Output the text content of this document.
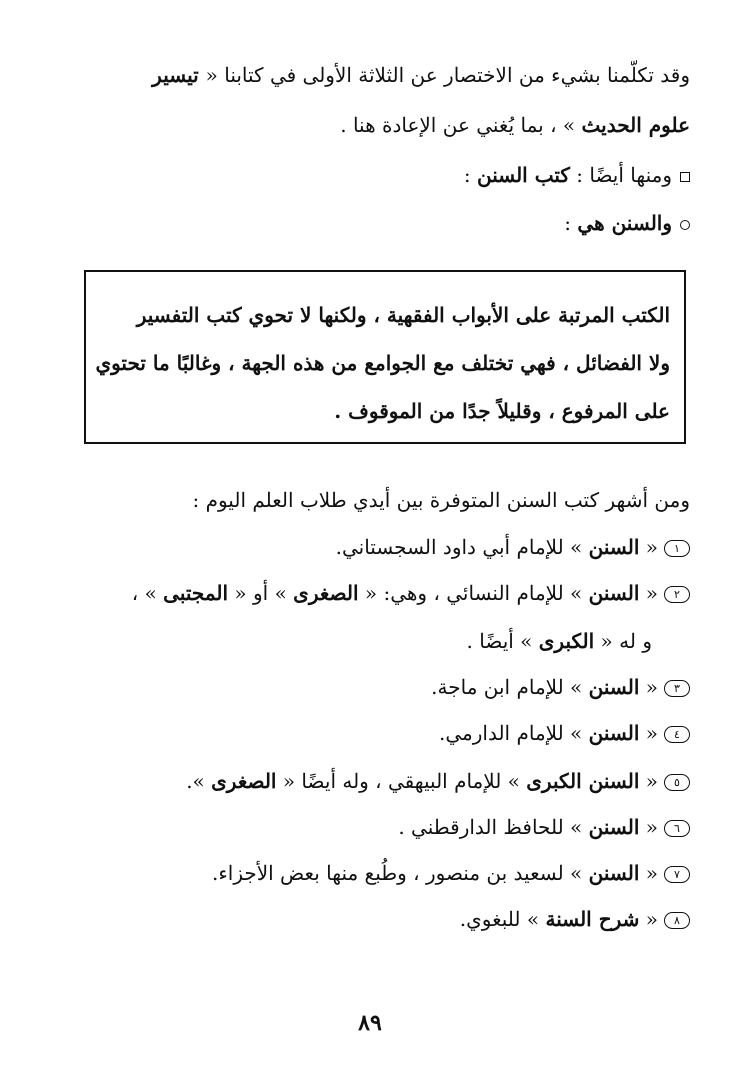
وقد تكلّمنا بشيء من الاختصار عن الثلاثة الأولى في كتابنا « تيسير
علوم الحديث » ، بما يُغني عن الإعادة هنا .
ومنها أيضًا : كتب السنن :
والسنن هي :
الكتب المرتبة على الأبواب الفقهية ، ولكنها لا تحوي كتب التفسير
ولا الفضائل ، فهي تختلف مع الجوامع من هذه الجهة ، وغالبًا ما تحتوي
على المرفوع ، وقليلاً جدًا من الموقوف .
ومن أشهر كتب السنن المتوفرة بين أيدي طلاب العلم اليوم :
١« السنن » للإمام أبي داود السجستاني.
٢« السنن » للإمام النسائي ، وهي: « الصغرى » أو « المجتبى » ،
و له « الكبرى » أيضًا .
٣« السنن » للإمام ابن ماجة.
٤« السنن » للإمام الدارمي.
٥« السنن الكبرى » للإمام البيهقي ، وله أيضًا « الصغرى ».
٦« السنن » للحافظ الدارقطني .
٧« السنن » لسعيد بن منصور ، وطُبع منها بعض الأجزاء.
٨« شرح السنة » للبغوي.
٨٩
